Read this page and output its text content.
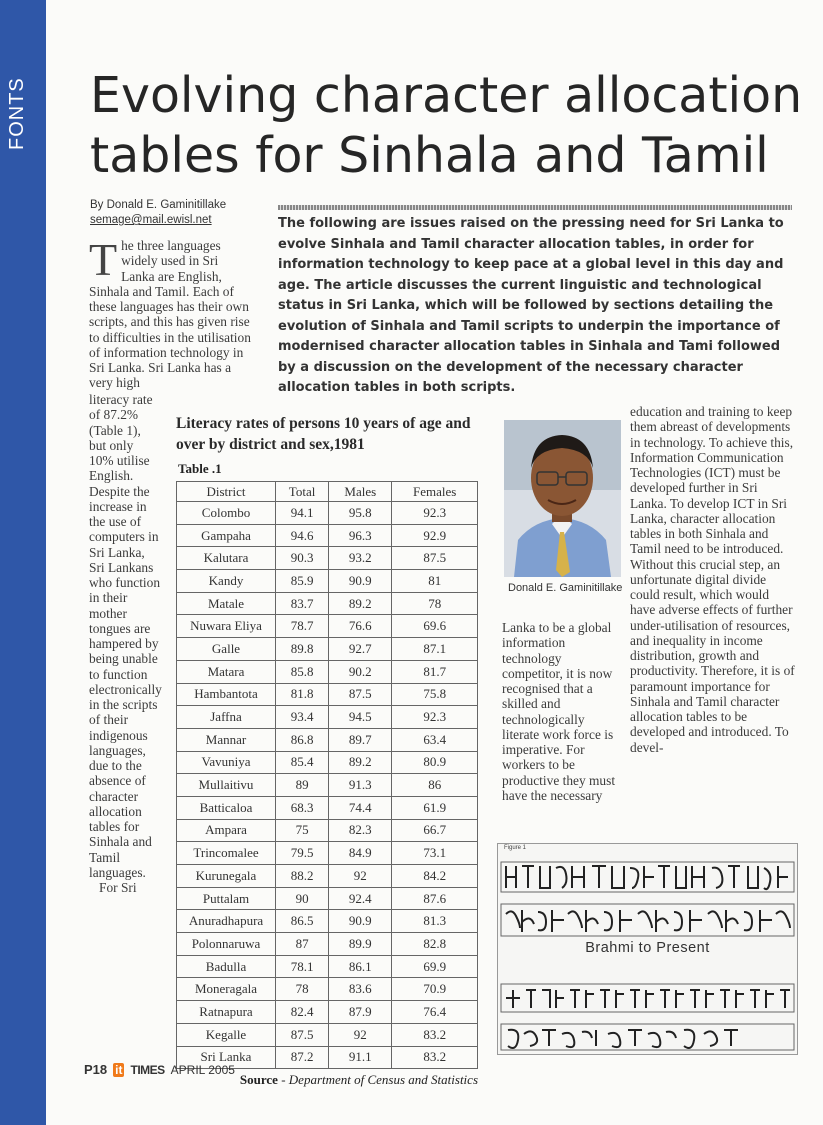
Evolving character allocation tables for Sinhala and Tamil
By Donald E. Gaminitillake
semage@mail.ewisl.net	The following are issues raised on the pressing need for Sri Lanka to evolve Sinhala and Tamil character allocation tables, in order for information technology to keep pace at a global level in this day and age. The article discusses the current linguistic and technological status in Sri Lanka, which will be followed by sections detailing the evolution of Sinhala and Tamil scripts to underpin the importance of modernised character allocation tables in Sinhala and Tami followed by a discussion on the development of the necessary character allocation tables in both scripts.

The three languages widely used in Sri Lanka are English, Sinhala and Tamil. Each of these languages has their own scripts, and this has given rise to difficulties in the utilisation of information technology in Sri Lanka. Sri Lanka has a very high

literacy rate of 87.2% (Table 1), but only 10% utilise English. Despite the increase in the use of computers in Sri Lanka, Sri Lankans who function in their mother tongues are hampered by being unable to function electronically in the scripts of their indigenous languages, due to the absence of character allocation tables for Sinhala and Tamil languages.

For Sri

Literacy rates of persons 10 years of age and over by district and sex,1981

Table .1

District	Total	Males	Females
Colombo	94.1	95.8	92.3
Gampaha	94.6	96.3	92.9
Kalutara	90.3	93.2	87.5
Kandy	85.9	90.9	81
Matale	83.7	89.2	78
Nuwara Eliya	78.7	76.6	69.6
Galle	89.8	92.7	87.1
Matara	85.8	90.2	81.7
Hambantota	81.8	87.5	75.8
Jaffna	93.4	94.5	92.3
Mannar	86.8	89.7	63.4
Vavuniya	85.4	89.2	80.9
Mullaitivu	89	91.3	86
Batticaloa	68.3	74.4	61.9
Ampara	75	82.3	66.7
Trincomalee	79.5	84.9	73.1
Kurunegala	88.2	92	84.2
Puttalam	90	92.4	87.6
Anuradhapura	86.5	90.9	81.3
Polonnaruwa	87	89.9	82.8
Badulla	78.1	86.1	69.9
Moneragala	78	83.6	70.9
Ratnapura	82.4	87.9	76.4
Kegalle	87.5	92	83.2
Sri Lanka	87.2	91.1	83.2
Source - Department of Census and Statistics
Donald E. Gaminitillake

Lanka to be a global information technology competitor, it is now recognised that a skilled and technologically literate work force is imperative. For workers to be productive they must have the necessary

education and training to keep them abreast of developments in technology. To achieve this, Information Communication Technologies (ICT) must be developed further in Sri Lanka. To develop ICT in Sri Lanka, character allocation tables in both Sinhala and Tamil need to be introduced. Without this crucial step, an unfortunate digital divide could result, which would have adverse effects of further under-utilisation of resources, and inequality in income distribution, growth and productivity. Therefore, it is of paramount importance for Sinhala and Tamil character allocation tables to be developed and introduced. To devel-

Figure 1
Brahmi to Present
P18 it TIMES APRIL 2005
